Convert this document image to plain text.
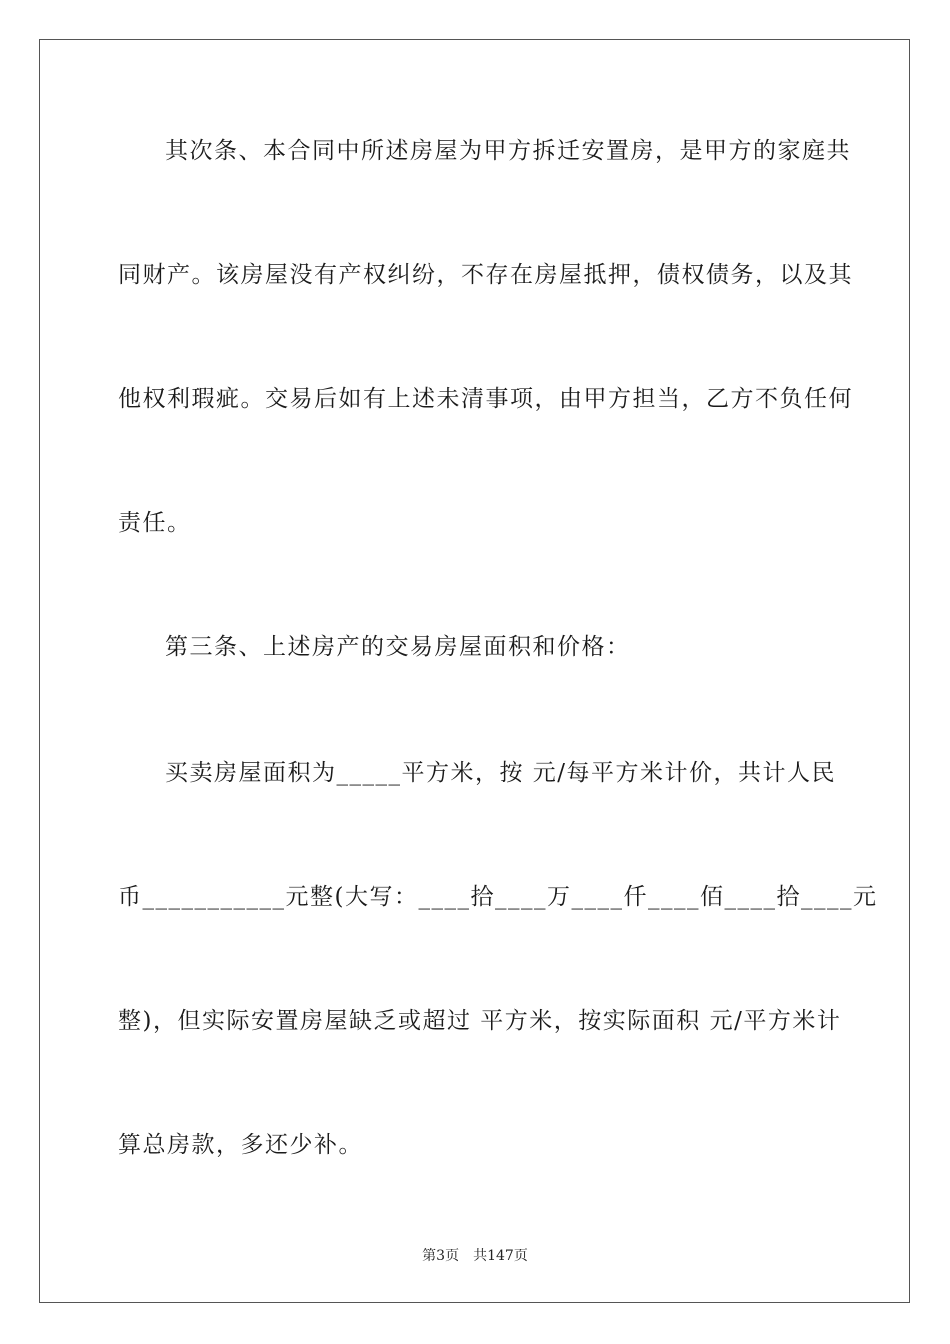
其次条、本合同中所述房屋为甲方拆迁安置房，是甲方的家庭共
同财产。该房屋没有产权纠纷，不存在房屋抵押，债权债务，以及其
他权利瑕疵。交易后如有上述未清事项，由甲方担当，乙方不负任何
责任。
第三条、上述房产的交易房屋面积和价格：
买卖房屋面积为_____平方米，按 元/每平方米计价，共计人民
币___________元整(大写：____拾____万____仟____佰____拾____元
整)，但实际安置房屋缺乏或超过 平方米，按实际面积 元/平方米计
算总房款，多还少补。
第3页 共147页
